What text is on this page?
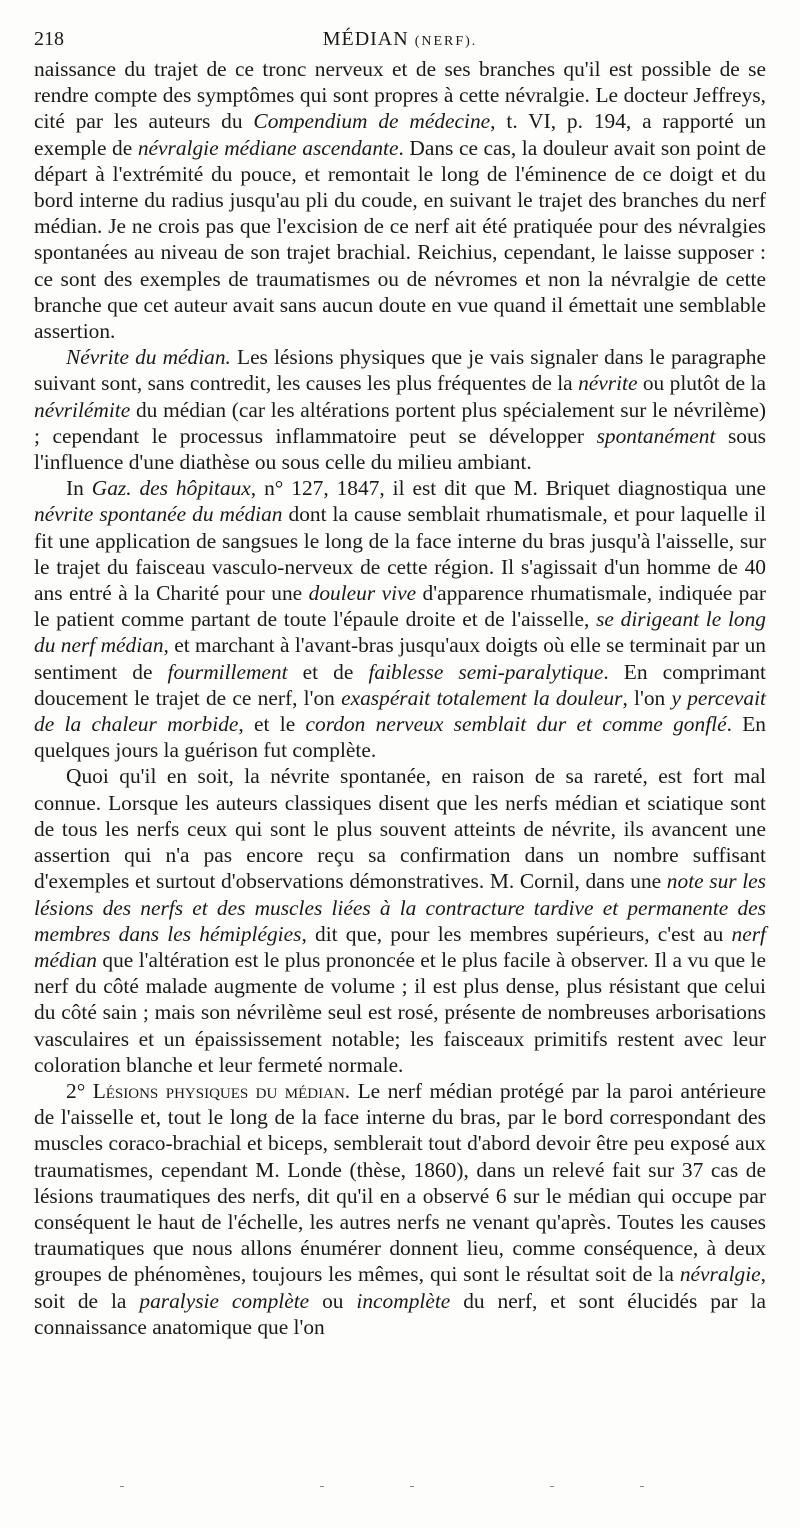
218	MÉDIAN (NERF).

naissance du trajet de ce tronc nerveux et de ses branches qu'il est possible de se rendre compte des symptômes qui sont propres à cette névralgie. Le docteur Jeffreys, cité par les auteurs du Compendium de médecine, t. VI, p. 194, a rapporté un exemple de névralgie médiane ascendante. Dans ce cas, la douleur avait son point de départ à l'extrémité du pouce, et remontait le long de l'éminence de ce doigt et du bord interne du radius jusqu'au pli du coude, en suivant le trajet des branches du nerf médian. Je ne crois pas que l'excision de ce nerf ait été pratiquée pour des névralgies spontanées au niveau de son trajet brachial. Reichius, cependant, le laisse supposer : ce sont des exemples de traumatismes ou de névromes et non la névralgie de cette branche que cet auteur avait sans aucun doute en vue quand il émettait une semblable assertion.

Névrite du médian. Les lésions physiques que je vais signaler dans le paragraphe suivant sont, sans contredit, les causes les plus fréquentes de la névrite ou plutôt de la névrilémite du médian (car les altérations portent plus spécialement sur le névrilème) ; cependant le processus inflammatoire peut se développer spontanément sous l'influence d'une diathèse ou sous celle du milieu ambiant.

In Gaz. des hôpitaux, n° 127, 1847, il est dit que M. Briquet diagnostiqua une névrite spontanée du médian dont la cause semblait rhumatismale, et pour laquelle il fit une application de sangsues le long de la face interne du bras jusqu'à l'aisselle, sur le trajet du faisceau vasculo-nerveux de cette région. Il s'agissait d'un homme de 40 ans entré à la Charité pour une douleur vive d'apparence rhumatismale, indiquée par le patient comme partant de toute l'épaule droite et de l'aisselle, se dirigeant le long du nerf médian, et marchant à l'avant-bras jusqu'aux doigts où elle se terminait par un sentiment de fourmillement et de faiblesse semi-paralytique. En comprimant doucement le trajet de ce nerf, l'on exaspérait totalement la douleur, l'on y percevait de la chaleur morbide, et le cordon nerveux semblait dur et comme gonflé. En quelques jours la guérison fut complète.

Quoi qu'il en soit, la névrite spontanée, en raison de sa rareté, est fort mal connue. Lorsque les auteurs classiques disent que les nerfs médian et sciatique sont de tous les nerfs ceux qui sont le plus souvent atteints de névrite, ils avancent une assertion qui n'a pas encore reçu sa confirmation dans un nombre suffisant d'exemples et surtout d'observations démonstratives. M. Cornil, dans une note sur les lésions des nerfs et des muscles liées à la contracture tardive et permanente des membres dans les hémiplégies, dit que, pour les membres supérieurs, c'est au nerf médian que l'altération est le plus prononcée et le plus facile à observer. Il a vu que le nerf du côté malade augmente de volume ; il est plus dense, plus résistant que celui du côté sain ; mais son névrilème seul est rosé, présente de nombreuses arborisations vasculaires et un épaississement notable; les faisceaux primitifs restent avec leur coloration blanche et leur fermeté normale.

2° Lésions physiques du médian. Le nerf médian protégé par la paroi antérieure de l'aisselle et, tout le long de la face interne du bras, par le bord correspondant des muscles coraco-brachial et biceps, semblerait tout d'abord devoir être peu exposé aux traumatismes, cependant M. Londe (thèse, 1860), dans un relevé fait sur 37 cas de lésions traumatiques des nerfs, dit qu'il en a observé 6 sur le médian qui occupe par conséquent le haut de l'échelle, les autres nerfs ne venant qu'après. Toutes les causes traumatiques que nous allons énumérer donnent lieu, comme conséquence, à deux groupes de phénomènes, toujours les mêmes, qui sont le résultat soit de la névralgie, soit de la paralysie complète ou incomplète du nerf, et sont élucidés par la connaissance anatomique que l'on
